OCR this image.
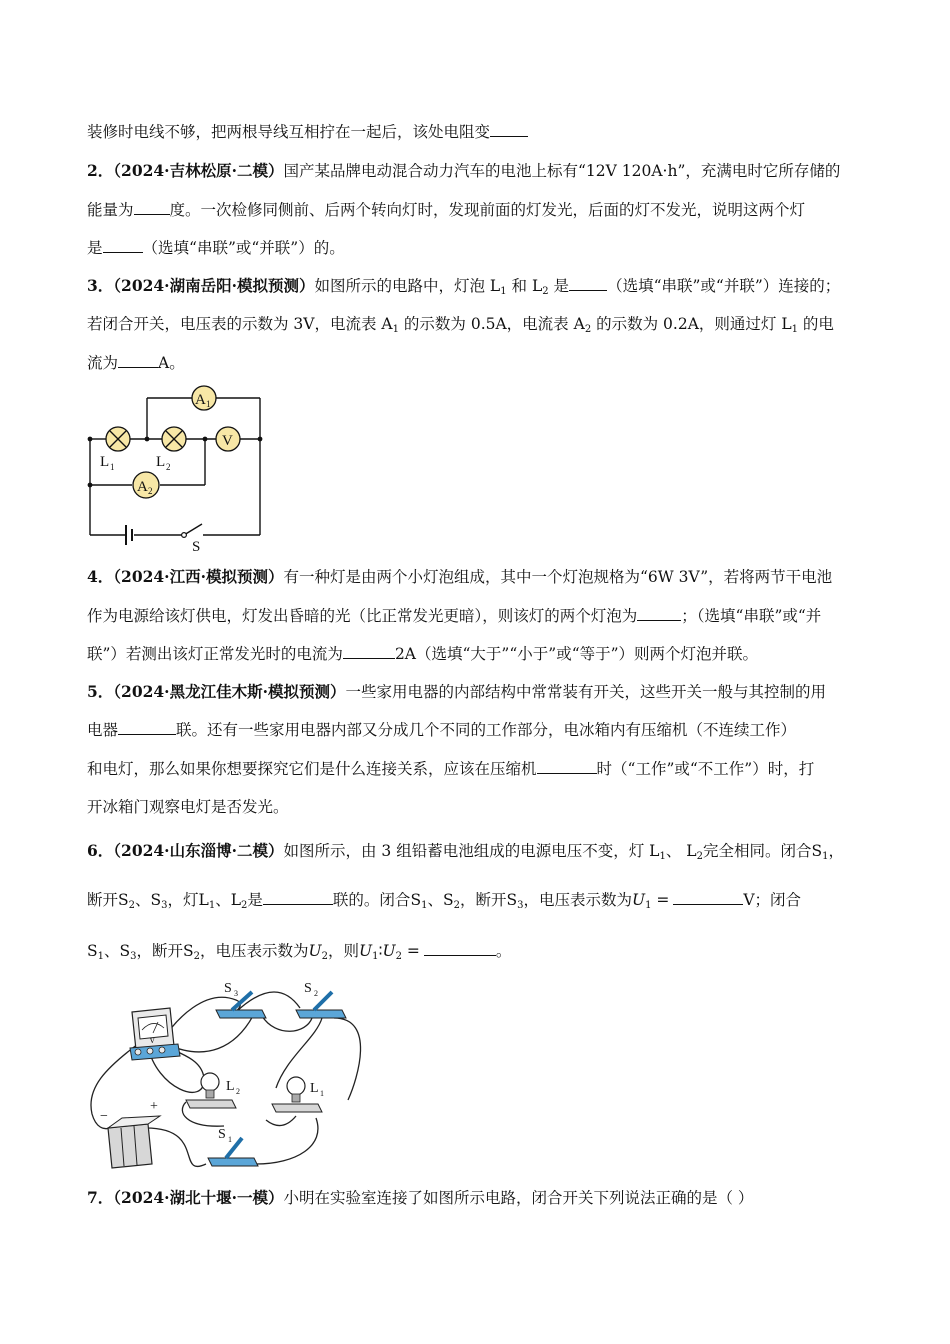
装修时电线不够，把两根导线互相拧在一起后，该处电阻变
2．（2024·吉林松原·二模）国产某品牌电动混合动力汽车的电池上标有“12V 120A·h”，充满电时它所存储的
能量为 度。一次检修同侧前、后两个转向灯时，发现前面的灯发光，后面的灯不发光，说明这两个灯
是	（选填“串联”或“并联”）的。
3．（2024·湖南岳阳·模拟预测）如图所示的电路中，灯泡 $L_1$ 和 $L_2$ 是 （选填“串联”或“并联”）连接的；
若闭合开关，电压表的示数为 3V，电流表 $A_1$ 的示数为 0.5A，电流表 $A_2$ 的示数为 0.2A，则通过灯 $L_1$ 的电
流为	A。
A 1
V
A 2
L 1	L 2
S
4．（2024·江西·模拟预测）有一种灯是由两个小灯泡组成，其中一个灯泡规格为“6W 3V”，若将两节干电池
作为电源给该灯供电，灯发出昏暗的光（比正常发光更暗），则该灯的两个灯泡为	；（选填“串联”或“并
联”）若测出该灯正常发光时的电流为	2A（选填“大于”“小于”或“等于”）则两个灯泡并联。
5．（2024·黑龙江佳木斯·模拟预测）一些家用电器的内部结构中常常装有开关，这些开关一般与其控制的用
电器	联。还有一些家用电器内部又分成几个不同的工作部分，电冰箱内有压缩机（不连续工作）
和电灯，那么如果你想要探究它们是什么连接关系，应该在压缩机	时（“工作”或“不工作”）时，打
开冰箱门观察电灯是否发光。
6．（2024·山东淄博·二模）如图所示，由 3 组铅蓄电池组成的电源电压不变，灯 $L_1$、 $L_2$完全相同。闭合$S_1$，
断开$S_2$、$S_3$，灯$L_1$、$L_2$是	联的。闭合$S_1$、$S_2$，断开$S_3$，电压表示数为$U_1$ =	V；闭合
$S_1$、$S_3$，断开$S_2$，电压表示数为$U_2$，则$U_1∶U_2$ =	。
v
−
+
S 3	S 2
S 1
L 2	L 1
7．（2024·湖北十堰·一模）小明在实验室连接了如图所示电路，闭合开关下列说法正确的是（ ）
